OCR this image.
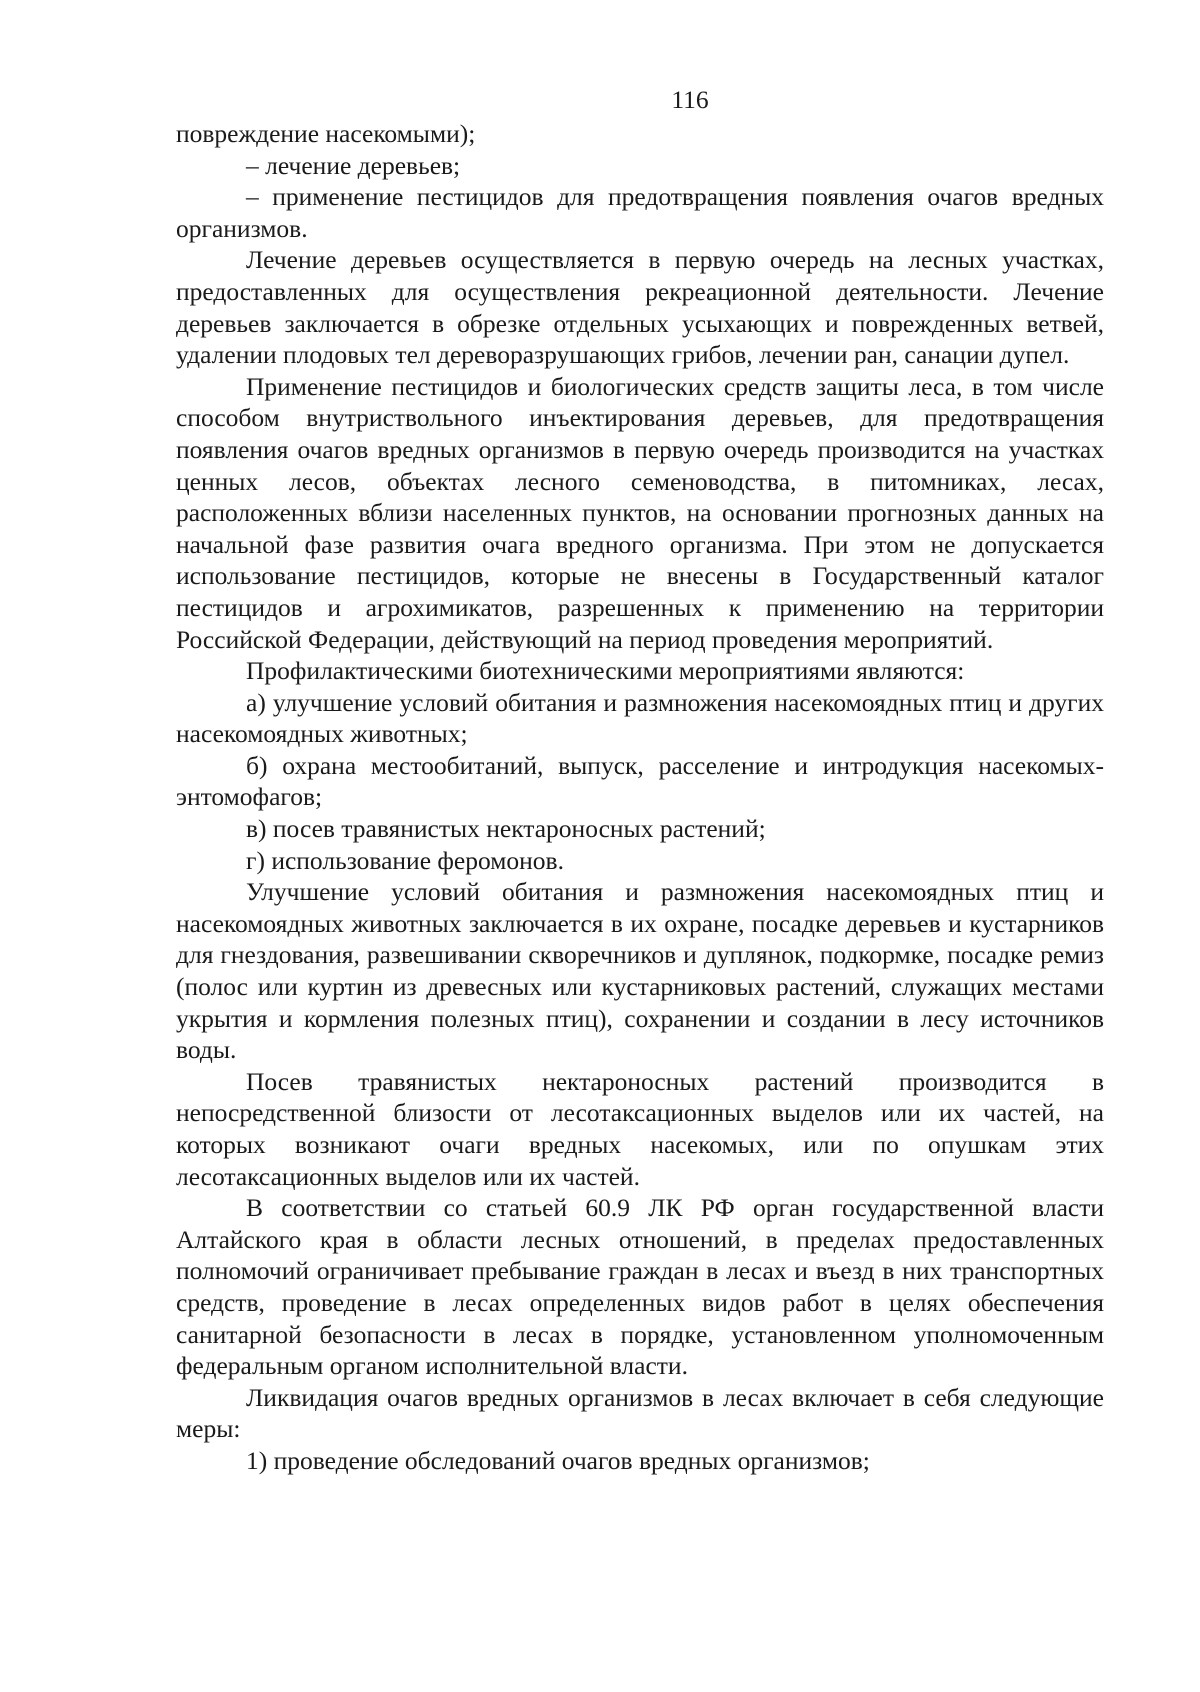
116

повреждение насекомыми);

– лечение деревьев;

– применение пестицидов для предотвращения появления очагов вредных организмов.

Лечение деревьев осуществляется в первую очередь на лесных участках, предоставленных для осуществления рекреационной деятельности. Лечение деревьев заключается в обрезке отдельных усыхающих и поврежденных ветвей, удалении плодовых тел дереворазрушающих грибов, лечении ран, санации дупел.

Применение пестицидов и биологических средств защиты леса, в том числе способом внутриствольного инъектирования деревьев, для предотвращения появления очагов вредных организмов в первую очередь производится на участках ценных лесов, объектах лесного семеноводства, в питомниках, лесах, расположенных вблизи населенных пунктов, на основании прогнозных данных на начальной фазе развития очага вредного организма. При этом не допускается использование пестицидов, которые не внесены в Государственный каталог пестицидов и агрохимикатов, разрешенных к применению на территории Российской Федерации, действующий на период проведения мероприятий.

Профилактическими биотехническими мероприятиями являются:

а) улучшение условий обитания и размножения насекомоядных птиц и других насекомоядных животных;

б) охрана местообитаний, выпуск, расселение и интродукция насекомых-энтомофагов;

в) посев травянистых нектароносных растений;

г) использование феромонов.

Улучшение условий обитания и размножения насекомоядных птиц и насекомоядных животных заключается в их охране, посадке деревьев и кустарников для гнездования, развешивании скворечников и дуплянок, подкормке, посадке ремиз (полос или куртин из древесных или кустарниковых растений, служащих местами укрытия и кормления полезных птиц), сохранении и создании в лесу источников воды.

Посев травянистых нектароносных растений производится в непосредственной близости от лесотаксационных выделов или их частей, на которых возникают очаги вредных насекомых, или по опушкам этих лесотаксационных выделов или их частей.

В соответствии со статьей 60.9 ЛК РФ орган государственной власти Алтайского края в области лесных отношений, в пределах предоставленных полномочий ограничивает пребывание граждан в лесах и въезд в них транспортных средств, проведение в лесах определенных видов работ в целях обеспечения санитарной безопасности в лесах в порядке, установленном уполномоченным федеральным органом исполнительной власти.

Ликвидация очагов вредных организмов в лесах включает в себя следующие меры:

1) проведение обследований очагов вредных организмов;
